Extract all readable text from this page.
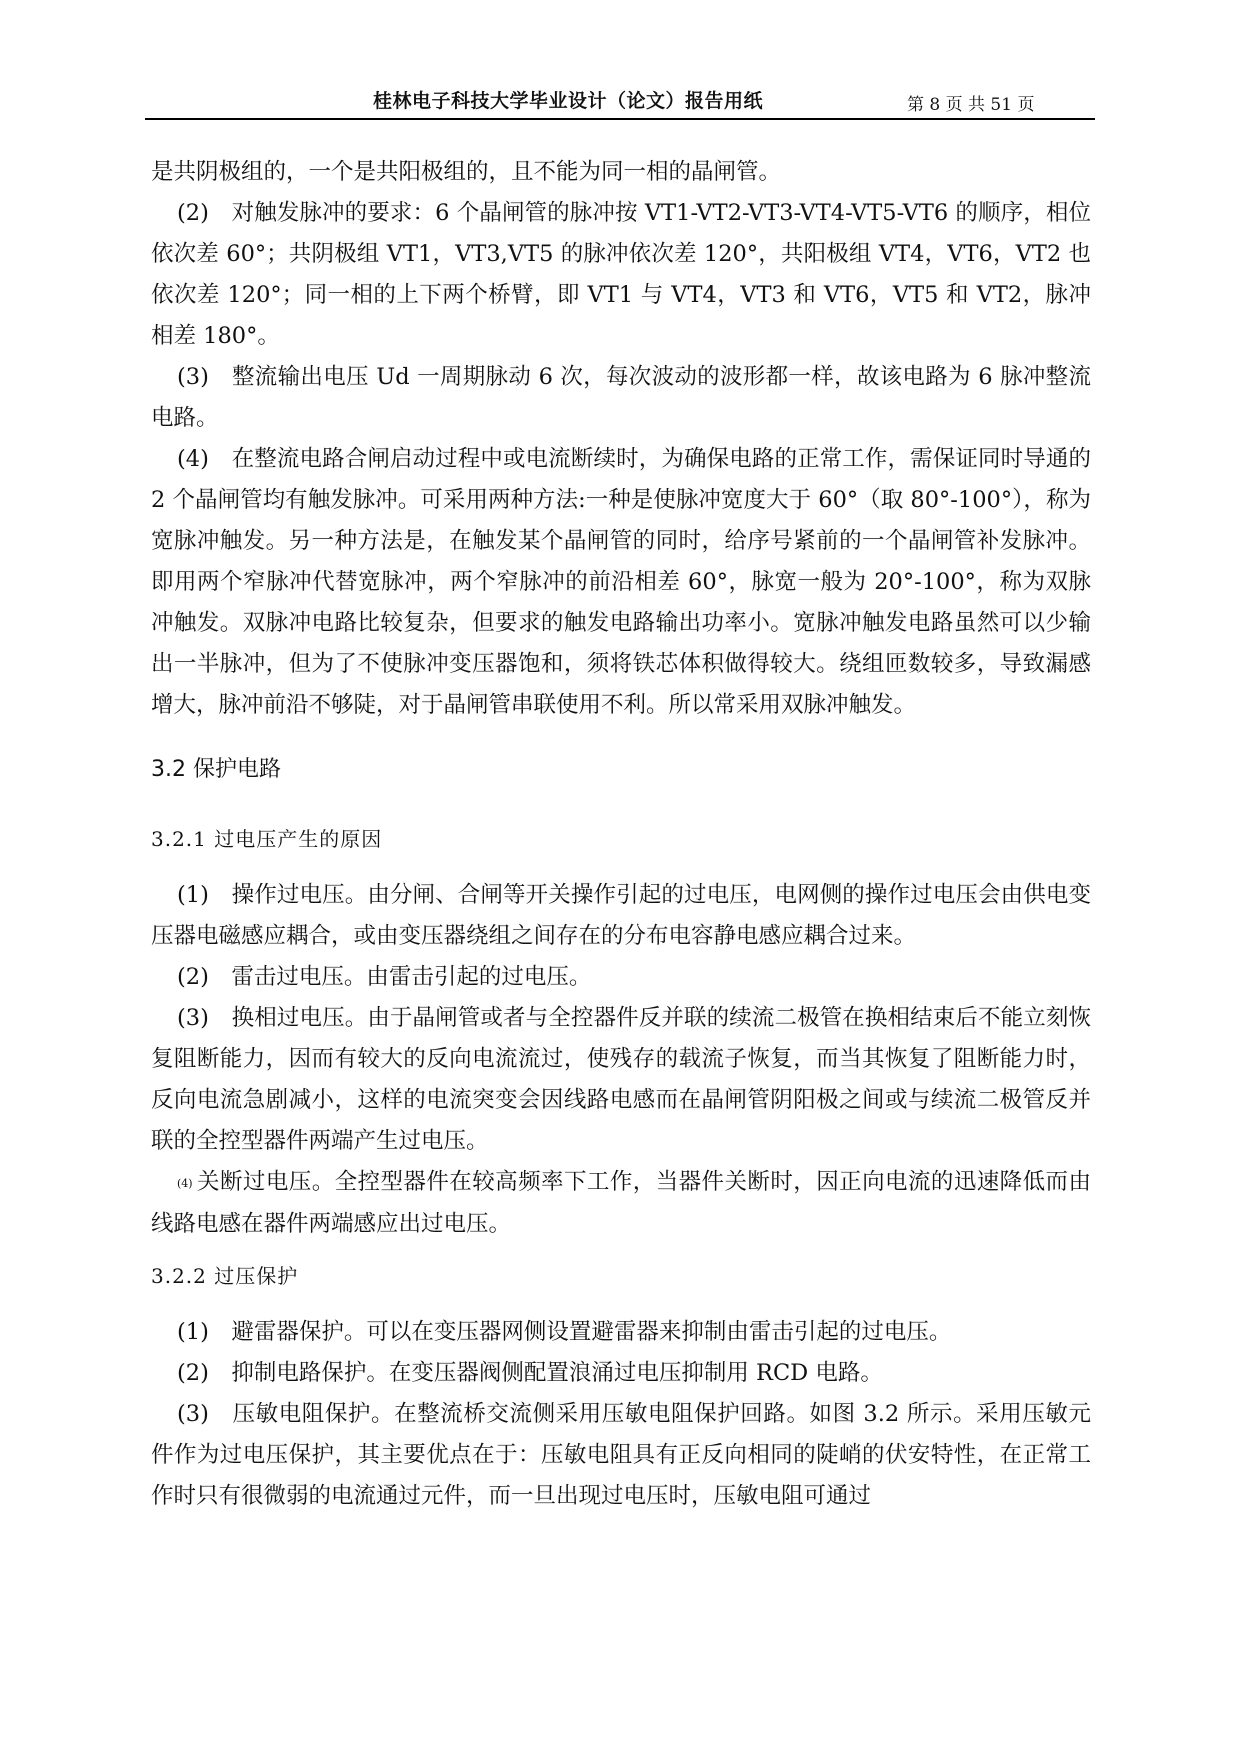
桂林电子科技大学毕业设计（论文）报告用纸	第 8 页 共 51 页

是共阴极组的，一个是共阳极组的，且不能为同一相的晶闸管。

(2)　对触发脉冲的要求：6 个晶闸管的脉冲按 VT1-VT2-VT3-VT4-VT5-VT6 的顺序，相位依次差 60°；共阴极组 VT1，VT3,VT5 的脉冲依次差 120°，共阳极组 VT4，VT6，VT2 也依次差 120°；同一相的上下两个桥臂，即 VT1 与 VT4，VT3 和 VT6，VT5 和 VT2，脉冲相差 180°。

(3)　整流输出电压 Ud 一周期脉动 6 次，每次波动的波形都一样，故该电路为 6 脉冲整流电路。

(4)　在整流电路合闸启动过程中或电流断续时，为确保电路的正常工作，需保证同时导通的 2 个晶闸管均有触发脉冲。可采用两种方法:一种是使脉冲宽度大于 60°（取 80°-100°），称为宽脉冲触发。另一种方法是，在触发某个晶闸管的同时，给序号紧前的一个晶闸管补发脉冲。即用两个窄脉冲代替宽脉冲，两个窄脉冲的前沿相差 60°，脉宽一般为 20°-100°，称为双脉冲触发。双脉冲电路比较复杂，但要求的触发电路输出功率小。宽脉冲触发电路虽然可以少输出一半脉冲，但为了不使脉冲变压器饱和，须将铁芯体积做得较大。绕组匝数较多，导致漏感增大，脉冲前沿不够陡，对于晶闸管串联使用不利。所以常采用双脉冲触发。

3.2 保护电路

3.2.1 过电压产生的原因

(1)　操作过电压。由分闸、合闸等开关操作引起的过电压，电网侧的操作过电压会由供电变压器电磁感应耦合，或由变压器绕组之间存在的分布电容静电感应耦合过来。

(2)　雷击过电压。由雷击引起的过电压。

(3)　换相过电压。由于晶闸管或者与全控器件反并联的续流二极管在换相结束后不能立刻恢复阻断能力，因而有较大的反向电流流过，使残存的载流子恢复，而当其恢复了阻断能力时，反向电流急剧减小，这样的电流突变会因线路电感而在晶闸管阴阳极之间或与续流二极管反并联的全控型器件两端产生过电压。

(4) 关断过电压。全控型器件在较高频率下工作，当器件关断时，因正向电流的迅速降低而由线路电感在器件两端感应出过电压。

3.2.2 过压保护

(1)　避雷器保护。可以在变压器网侧设置避雷器来抑制由雷击引起的过电压。

(2)　抑制电路保护。在变压器阀侧配置浪涌过电压抑制用 RCD 电路。

(3)　压敏电阻保护。在整流桥交流侧采用压敏电阻保护回路。如图 3.2 所示。采用压敏元件作为过电压保护，其主要优点在于：压敏电阻具有正反向相同的陡峭的伏安特性，在正常工作时只有很微弱的电流通过元件，而一旦出现过电压时，压敏电阻可通过
